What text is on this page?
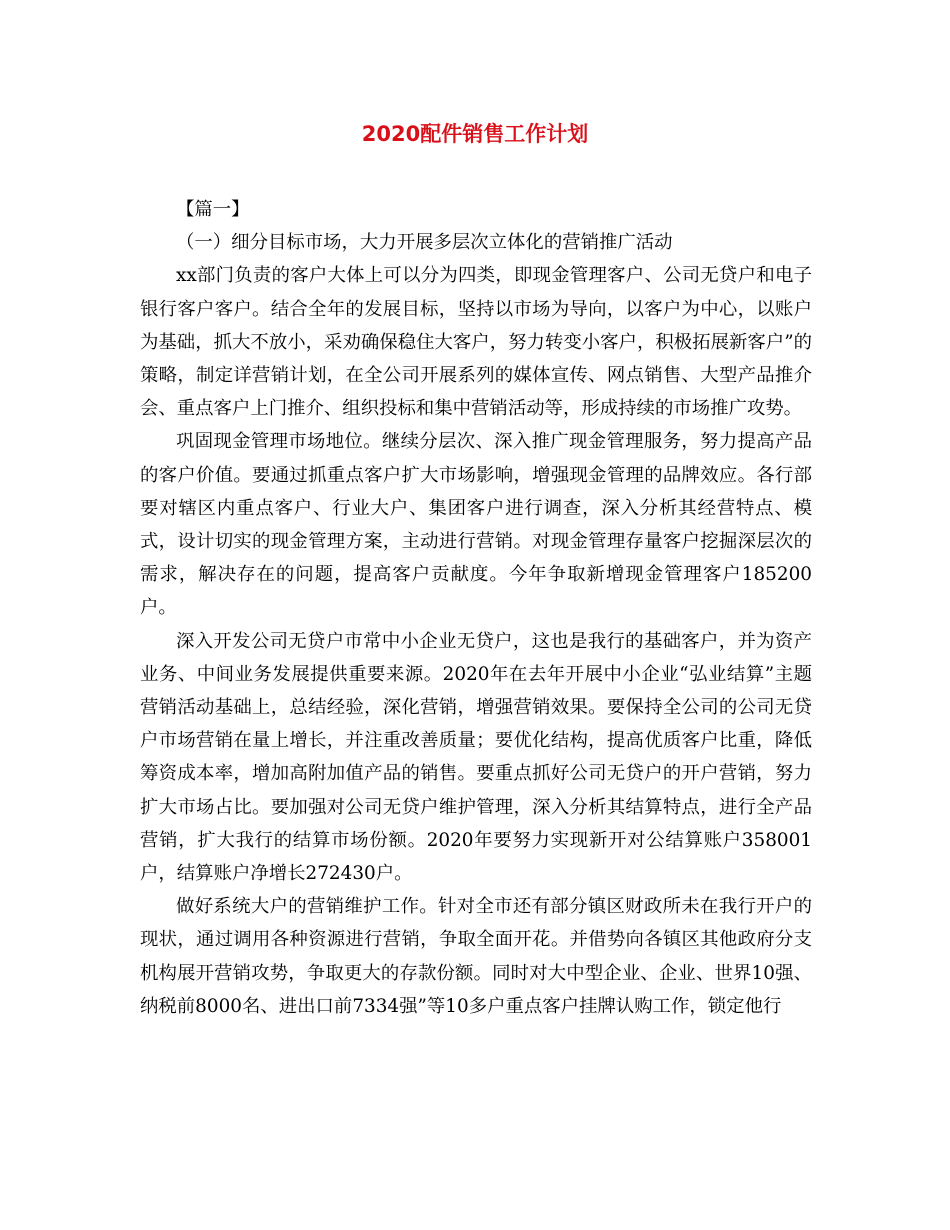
2020配件销售工作计划

【篇一】

（一）细分目标市场，大力开展多层次立体化的营销推广活动

xx部门负责的客户大体上可以分为四类，即现金管理客户、公司无贷户和电子银行客户客户。结合全年的发展目标，坚持以市场为导向，以客户为中心，以账户为基础，抓大不放小，采劝确保稳住大客户，努力转变小客户，积极拓展新客户”的策略，制定详营销计划，在全公司开展系列的媒体宣传、网点销售、大型产品推介会、重点客户上门推介、组织投标和集中营销活动等，形成持续的市场推广攻势。

巩固现金管理市场地位。继续分层次、深入推广现金管理服务，努力提高产品的客户价值。要通过抓重点客户扩大市场影响，增强现金管理的品牌效应。各行部要对辖区内重点客户、行业大户、集团客户进行调查，深入分析其经营特点、模式，设计切实的现金管理方案，主动进行营销。对现金管理存量客户挖掘深层次的需求，解决存在的问题，提高客户贡献度。今年争取新增现金管理客户185200户。

深入开发公司无贷户市常中小企业无贷户，这也是我行的基础客户，并为资产业务、中间业务发展提供重要来源。2020年在去年开展中小企业“弘业结算”主题营销活动基础上，总结经验，深化营销，增强营销效果。要保持全公司的公司无贷户市场营销在量上增长，并注重改善质量；要优化结构，提高优质客户比重，降低筹资成本率，增加高附加值产品的销售。要重点抓好公司无贷户的开户营销，努力扩大市场占比。要加强对公司无贷户维护管理，深入分析其结算特点，进行全产品营销，扩大我行的结算市场份额。2020年要努力实现新开对公结算账户358001户，结算账户净增长272430户。

做好系统大户的营销维护工作。针对全市还有部分镇区财政所未在我行开户的现状，通过调用各种资源进行营销，争取全面开花。并借势向各镇区其他政府分支机构展开营销攻势，争取更大的存款份额。同时对大中型企业、企业、世界10强、纳税前8000名、进出口前7334强”等10多户重点客户挂牌认购工作，锁定他行
